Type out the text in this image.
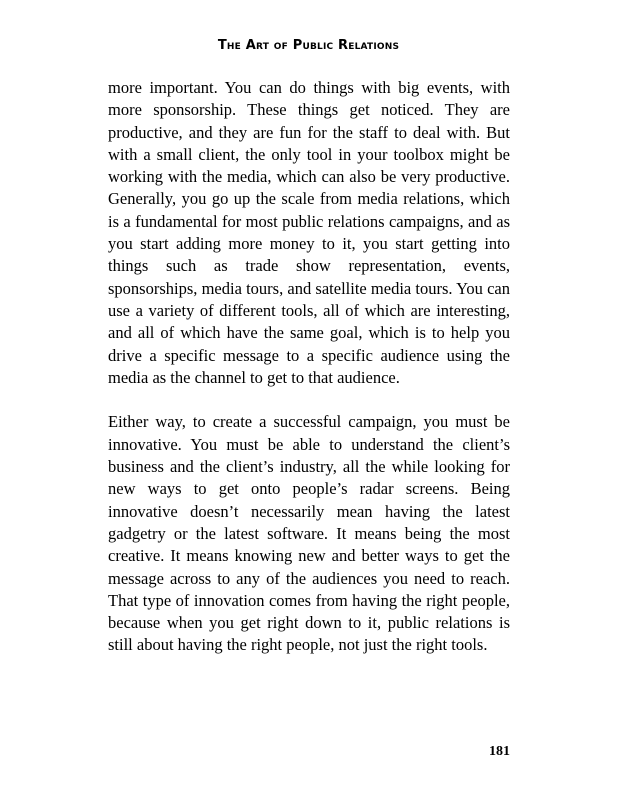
The Art of Public Relations

more important. You can do things with big events, with more sponsorship. These things get noticed. They are productive, and they are fun for the staff to deal with. But with a small client, the only tool in your toolbox might be working with the media, which can also be very productive. Generally, you go up the scale from media relations, which is a fundamental for most public relations campaigns, and as you start adding more money to it, you start getting into things such as trade show representation, events, sponsorships, media tours, and satellite media tours. You can use a variety of different tools, all of which are interesting, and all of which have the same goal, which is to help you drive a specific message to a specific audience using the media as the channel to get to that audience.

Either way, to create a successful campaign, you must be innovative. You must be able to understand the client’s business and the client’s industry, all the while looking for new ways to get onto people’s radar screens. Being innovative doesn’t necessarily mean having the latest gadgetry or the latest software. It means being the most creative. It means knowing new and better ways to get the message across to any of the audiences you need to reach. That type of innovation comes from having the right people, because when you get right down to it, public relations is still about having the right people, not just the right tools.

181
